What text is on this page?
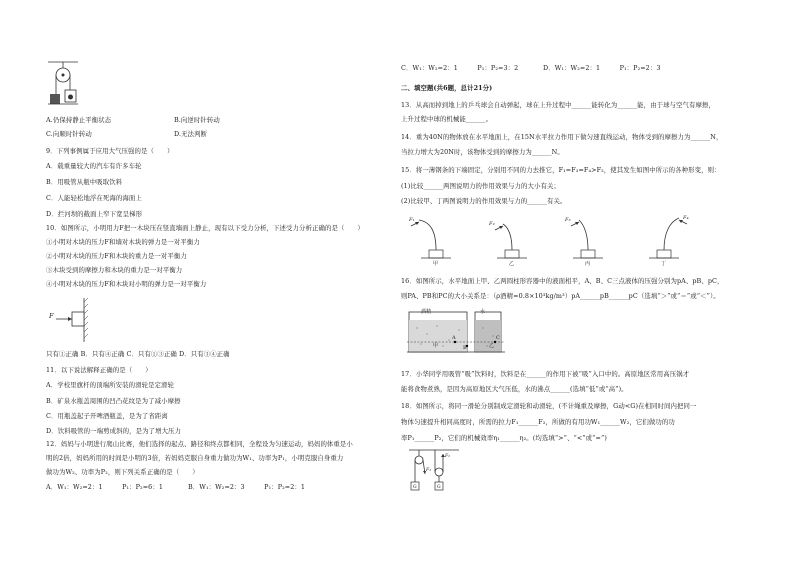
A.仍保持静止平衡状态	B.向逆时针转动
C.向顺时针转动	D.无法判断
9．下列事例属于应用大气压强的是（　　）
A．载重量较大的汽车有许多车轮
B．用吸管从瓶中吸取饮料
C．人能轻松地浮在死海的海面上
D．拦河坝的截面上窄下宽呈梯形
10．如图所示，小明用力F把一木块压在竖直墙面上静止，现有以下受力分析，下述受力分析正确的是（　　）
①小明对木块的压力F和墙对木块的弹力是一对平衡力
②小明对木块的压力F和木块的重力是一对平衡力
③木块受到的摩擦力和木块的重力是一对平衡力
④小明对木块的压力F和木块对小明的弹力是一对平衡力
F
只有①正确 B．只有④正确 C．只有①③正确 D．只有③④正确
11．以下说法解释正确的是（　　）
A．学校里旗杆的顶端所安装的滑轮是定滑轮
B．矿泉水瓶盖周围的凹凸花纹是为了减小摩擦
C．用瓶盖起子开啤酒瓶盖，是为了省距离
D．饮料吸管的一端剪成斜的，是为了增大压力
12．妈妈与小明进行爬山比赛，他们选择的起点、路径和终点都相同，全程设为匀速运动，妈妈的体重是小
明的2倍，妈妈所用的时间是小明的3倍，若妈妈克服自身重力做功为W₁、功率为P₁，小明克服自身重力
做功为W₂、功率为P₂，则下列关系正确的是（　　）
A．W₁：W₂=2：1　　　P₁：P₂=6：1	B．W₁：W₂=2：3　　　P₁：P₂=2：1
C．W₁：W₂=2：1　　　P₁：P₂=3：2	D．W₁：W₂=2：1　　　P₁：P₂=2：3
二、填空题(共6题，总计21分)
13．从高而掉到地上的乒乓球会自动弹起，球在上升过程中______能转化为______能，由于球与空气有摩擦，
上升过程中球的机械能______。
14．重为40N的物体放在水平地面上，在15N水平拉力作用下做匀速直线运动，物体受到的摩擦力为______N，
当拉力增大为20N时，该物体受到的摩擦力为______N。
15．将一薄钢条的下端固定，分别用不同的力去推它，F₁=F₃=F₄>F₂，使其发生如图中所示的各种形变，则：
(1)比较______两图说明力的作用效果与力的大小有关；
(2)比较甲、丁两图说明力的作用效果与力的______有关。
F₁
F₂
F₃	F₄
甲	乙	丙	丁
16．如图所示，水平地面上甲、乙两圆柱形容器中的液面相平，A、B、C三点液体的压强分别为pA、pB、pC，
则PA、PB和PC的大小关系是：（ρ酒精=0.8×10³kg/m³）pA______pB______pC（选填“＞”或“＝”或“＜”）。
酒精	水
A
B
C
甲	乙
17．小华同学用吸管“吸”饮料时，饮料是在______的作用下被“吸”入口中的。高原地区常用高压锅才
能将食物煮熟，是因为高原地区大气压低，水的沸点______(选填“低”或“高”)。
18．如图所示，将同一滑轮分别制成定滑轮和动滑轮，(不计绳重及摩擦，G动<G)在相同时间内把同一
物体匀速提升相同高度时，所需的拉力F₁______F₂，所做的有用功W₁______W₂，它们做功的功
率P₁______P₂，它们的机械效率η₁______η₂。(均选填“>”、“<”或“=”)
F₁
F₂
G	G
